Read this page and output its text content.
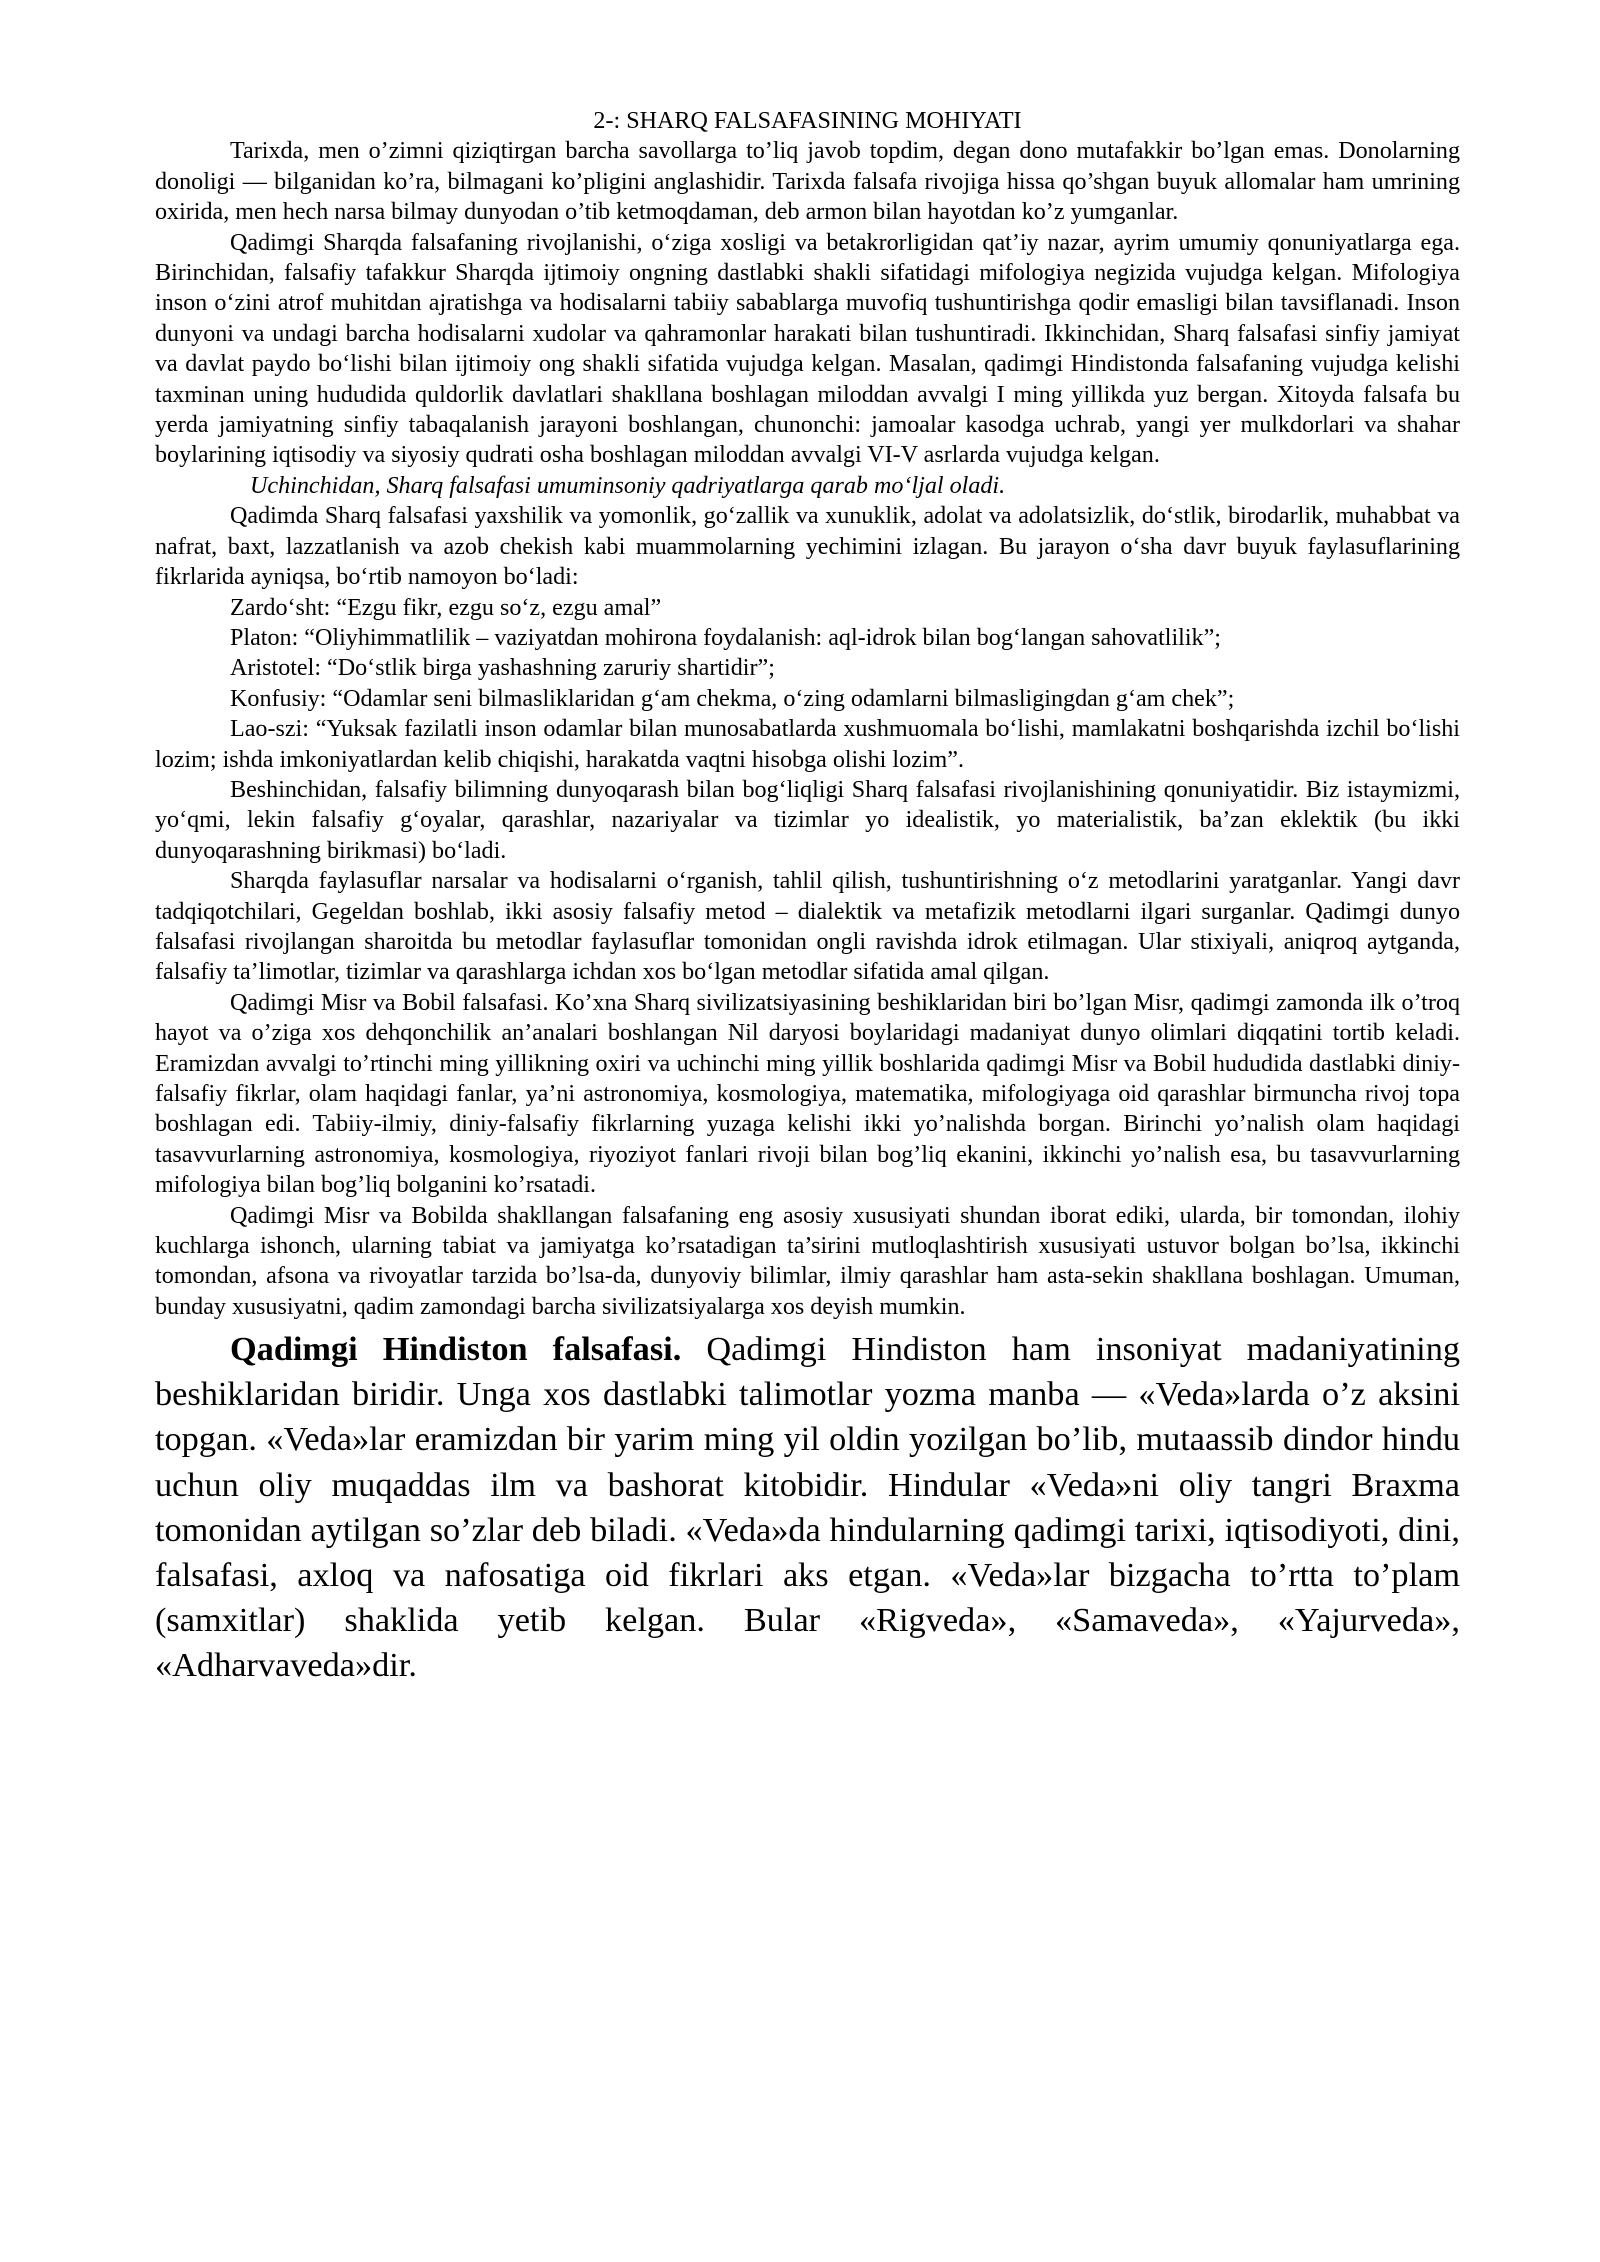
2-: SHARQ FALSAFASINING MOHIYATI

Tarixda, men o’zimni qiziqtirgan barcha savollarga to’liq javob topdim, degan dono mutafakkir bo’lgan emas. Donolarning donoligi — bilganidan ko’ra, bilmagani ko’pligini anglashidir. Tarixda falsafa rivojiga hissa qo’shgan buyuk allomalar ham umrining oxirida, men hech narsa bilmay dunyodan o’tib ketmoqdaman, deb armon bilan hayotdan ko’z yumganlar.

Qadimgi Sharqda falsafaning rivojlanishi, o‘ziga xosligi va betakrorligidan qat’iy nazar, ayrim umumiy qonuniyatlarga ega. Birinchidan, falsafiy tafakkur Sharqda ijtimoiy ongning dastlabki shakli sifatidagi mifologiya negizida vujudga kelgan. Mifologiya inson o‘zini atrof muhitdan ajratishga va hodisalarni tabiiy sabablarga muvofiq tushuntirishga qodir emasligi bilan tavsiflanadi. Inson dunyoni va undagi barcha hodisalarni xudolar va qahramonlar harakati bilan tushuntiradi. Ikkinchidan, Sharq falsafasi sinfiy jamiyat va davlat paydo bo‘lishi bilan ijtimoiy ong shakli sifatida vujudga kelgan. Masalan, qadimgi Hindistonda falsafaning vujudga kelishi taxminan uning hududida quldorlik davlatlari shakllana boshlagan miloddan avvalgi I ming yillikda yuz bergan. Xitoyda falsafa bu yerda jamiyatning sinfiy tabaqalanish jarayoni boshlangan, chunonchi: jamoalar kasodga uchrab, yangi yer mulkdorlari va shahar boylarining iqtisodiy va siyosiy qudrati osha boshlagan miloddan avvalgi VI-V asrlarda vujudga kelgan.

Uchinchidan, Sharq falsafasi umuminsoniy qadriyatlarga qarab mo‘ljal oladi.

Qadimda Sharq falsafasi yaxshilik va yomonlik, go‘zallik va xunuklik, adolat va adolatsizlik, do‘stlik, birodarlik, muhabbat va nafrat, baxt, lazzatlanish va azob chekish kabi muammolarning yechimini izlagan. Bu jarayon o‘sha davr buyuk faylasuflarining fikrlarida ayniqsa, bo‘rtib namoyon bo‘ladi:

Zardo‘sht: “Ezgu fikr, ezgu so‘z, ezgu amal”

Platon: “Oliyhimmatlilik – vaziyatdan mohirona foydalanish: aql-idrok bilan bog‘langan sahovatlilik”;

Aristotel: “Do‘stlik birga yashashning zaruriy shartidir”;

Konfusiy: “Odamlar seni bilmasliklaridan g‘am chekma, o‘zing odamlarni bilmasligingdan g‘am chek”;

Lao-szi: “Yuksak fazilatli inson odamlar bilan munosabatlarda xushmuomala bo‘lishi, mamlakatni boshqarishda izchil bo‘lishi lozim; ishda imkoniyatlardan kelib chiqishi, harakatda vaqtni hisobga olishi lozim”.

Beshinchidan, falsafiy bilimning dunyoqarash bilan bog‘liqligi Sharq falsafasi rivojlanishining qonuniyatidir. Biz istaymizmi, yo‘qmi, lekin falsafiy g‘oyalar, qarashlar, nazariyalar va tizimlar yo idealistik, yo materialistik, ba’zan eklektik (bu ikki dunyoqarashning birikmasi) bo‘ladi.

Sharqda faylasuflar narsalar va hodisalarni o‘rganish, tahlil qilish, tushuntirishning o‘z metodlarini yaratganlar. Yangi davr tadqiqotchilari, Gegeldan boshlab, ikki asosiy falsafiy metod – dialektik va metafizik metodlarni ilgari surganlar. Qadimgi dunyo falsafasi rivojlangan sharoitda bu metodlar faylasuflar tomonidan ongli ravishda idrok etilmagan. Ular stixiyali, aniqroq aytganda, falsafiy ta’limotlar, tizimlar va qarashlarga ichdan xos bo‘lgan metodlar sifatida amal qilgan.

Qadimgi Misr va Bobil falsafasi. Ko’xna Sharq sivilizatsiyasining beshiklaridan biri bo’lgan Misr, qadimgi zamonda ilk o’troq hayot va o’ziga xos dehqonchilik an’analari boshlangan Nil daryosi boylaridagi madaniyat dunyo olimlari diqqatini tortib keladi. Eramizdan avvalgi to’rtinchi ming yillikning oxiri va uchinchi ming yillik boshlarida qadimgi Misr va Bobil hududida dastlabki diniy-falsafiy fikrlar, olam haqidagi fanlar, ya’ni astronomiya, kosmologiya, matematika, mifologiyaga oid qarashlar birmuncha rivoj topa boshlagan edi. Tabiiy-ilmiy, diniy-falsafiy fikrlarning yuzaga kelishi ikki yo’nalishda borgan. Birinchi yo’nalish olam haqidagi tasavvurlarning astronomiya, kosmologiya, riyoziyot fanlari rivoji bilan bog’liq ekanini, ikkinchi yo’nalish esa, bu tasavvurlarning mifologiya bilan bog’liq bolganini ko’rsatadi.

Qadimgi Misr va Bobilda shakllangan falsafaning eng asosiy xususiyati shundan iborat ediki, ularda, bir tomondan, ilohiy kuchlarga ishonch, ularning tabiat va jamiyatga ko’rsatadigan ta’sirini mutloqlashtirish xususiyati ustuvor bolgan bo’lsa, ikkinchi tomondan, afsona va rivoyatlar tarzida bo’lsa-da, dunyoviy bilimlar, ilmiy qarashlar ham asta-sekin shakllana boshlagan. Umuman, bunday xususiyatni, qadim zamondagi barcha sivilizatsiyalarga xos deyish mumkin.

Qadimgi Hindiston falsafasi. Qadimgi Hindiston ham insoniyat madaniyatining beshiklaridan biridir. Unga xos dastlabki talimotlar yozma manba — «Veda»larda o’z aksini topgan. «Veda»lar eramizdan bir yarim ming yil oldin yozilgan bo’lib, mutaassib dindor hindu uchun oliy muqaddas ilm va bashorat kitobidir. Hindular «Veda»ni oliy tangri Braxma tomonidan aytilgan so’zlar deb biladi. «Veda»da hindularning qadimgi tarixi, iqtisodiyoti, dini, falsafasi, axloq va nafosatiga oid fikrlari aks etgan. «Veda»lar bizgacha to’rtta to’plam (samxitlar) shaklida yetib kelgan. Bular «Rigveda», «Samaveda», «Yajurveda», «Adharvaveda»dir.
